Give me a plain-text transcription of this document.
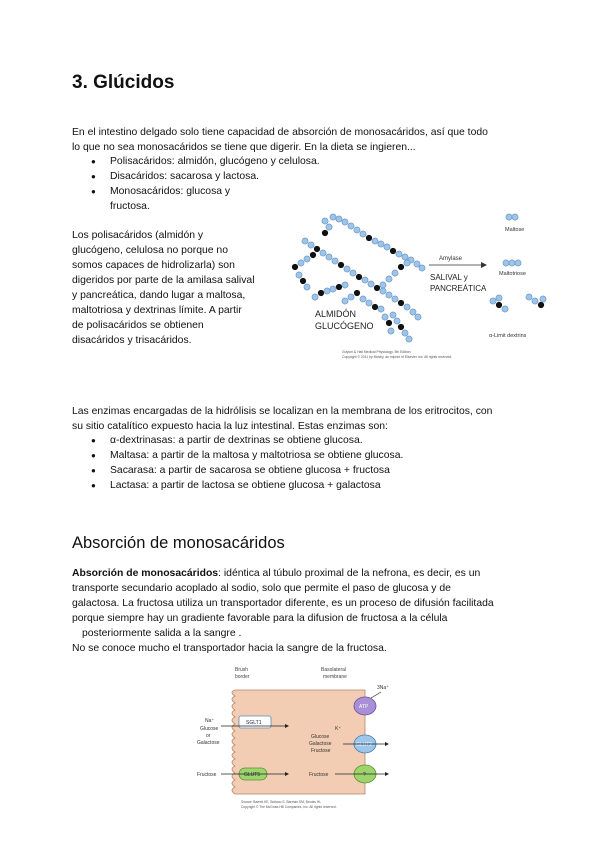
3. Glúcidos
En el intestino delgado solo tiene capacidad de absorción de monosacáridos, así que todo
lo que no sea monosacáridos se tiene que digerir. En la dieta se ingieren...
● Polisacáridos: almidón, glucógeno y celulosa.
● Disacáridos: sacarosa y lactosa.
● Monosacáridos: glucosa y
fructosa.
Los polisacáridos (almidón y
glucógeno, celulosa no porque no
somos capaces de hidrolizarla) son
digeridos por parte de la amilasa salival
y pancreática, dando lugar a maltosa,
maltotriosa y dextrinas límite. A partir
de polisacáridos se obtienen
disacáridos y trisacáridos.
ALMIDÓN
GLUCÓGENO
Amylase
SALIVAL y
PANCREÁTICA
Maltose
Maltotriose
α-Limit dextrins
Guyton & Hall Medical Physiology, 5th Edition
Copyright © 2011 by Mosby, an imprint of Elsevier Inc. All rights reserved.
Las enzimas encargadas de la hidrólisis se localizan en la membrana de los eritrocitos, con
su sitio catalítico expuesto hacia la luz intestinal. Estas enzimas son:
● α-dextrinasas: a partir de dextrinas se obtiene glucosa.
● Maltasa: a partir de la maltosa y maltotriosa se obtiene glucosa.
● Sacarasa: a partir de sacarosa se obtiene glucosa + fructosa
● Lactasa: a partir de lactosa se obtiene glucosa + galactosa
Absorción de monosacáridos
Absorción de monosacáridos: idéntica al túbulo proximal de la nefrona, es decir, es un
transporte secundario acoplado al sodio, solo que permite el paso de glucosa y de
galactosa. La fructosa utiliza un transportador diferente, es un proceso de difusión facilitada
porque siempre hay un gradiente favorable para la difusion de fructosa a la célula
posteriormente salida a la sangre .
No se conoce mucho el transportador hacia la sangre de la fructosa.
Brush
border
Basolateral
membrane
SGLT1
Na⁺
Glucose
or
Galactose
GLUT5
Fructose
ATP
3Na⁺
K⁺
GLUT2
Glucose
Galactose
Fructose
?
Fructose
Source: Barrett KE, Boitano S, Barman SM, Brooks HL
Copyright © The McGraw-Hill Companies, Inc. All rights reserved.
